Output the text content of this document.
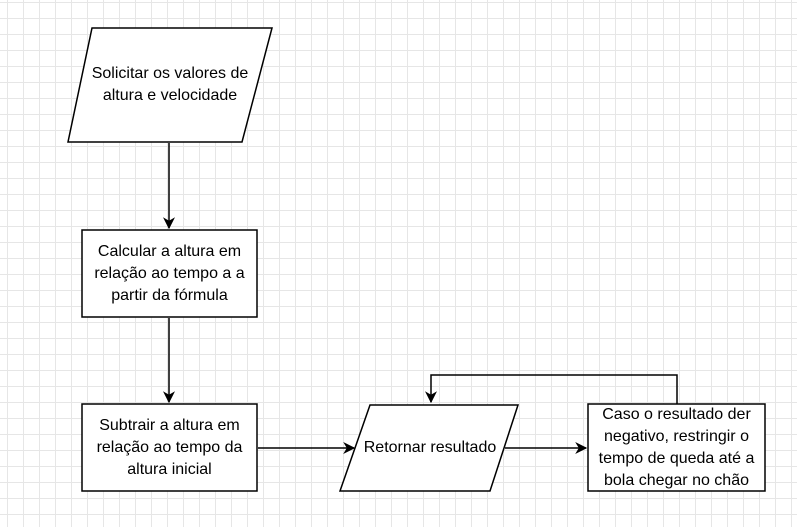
Solicitar os valores de
altura e velocidade
Calcular a altura em
relação ao tempo a a
partir da fórmula
Subtrair a altura em
relação ao tempo da
altura inicial
Retornar resultado
Caso o resultado der
negativo, restringir o
tempo de queda até a
bola chegar no chão
